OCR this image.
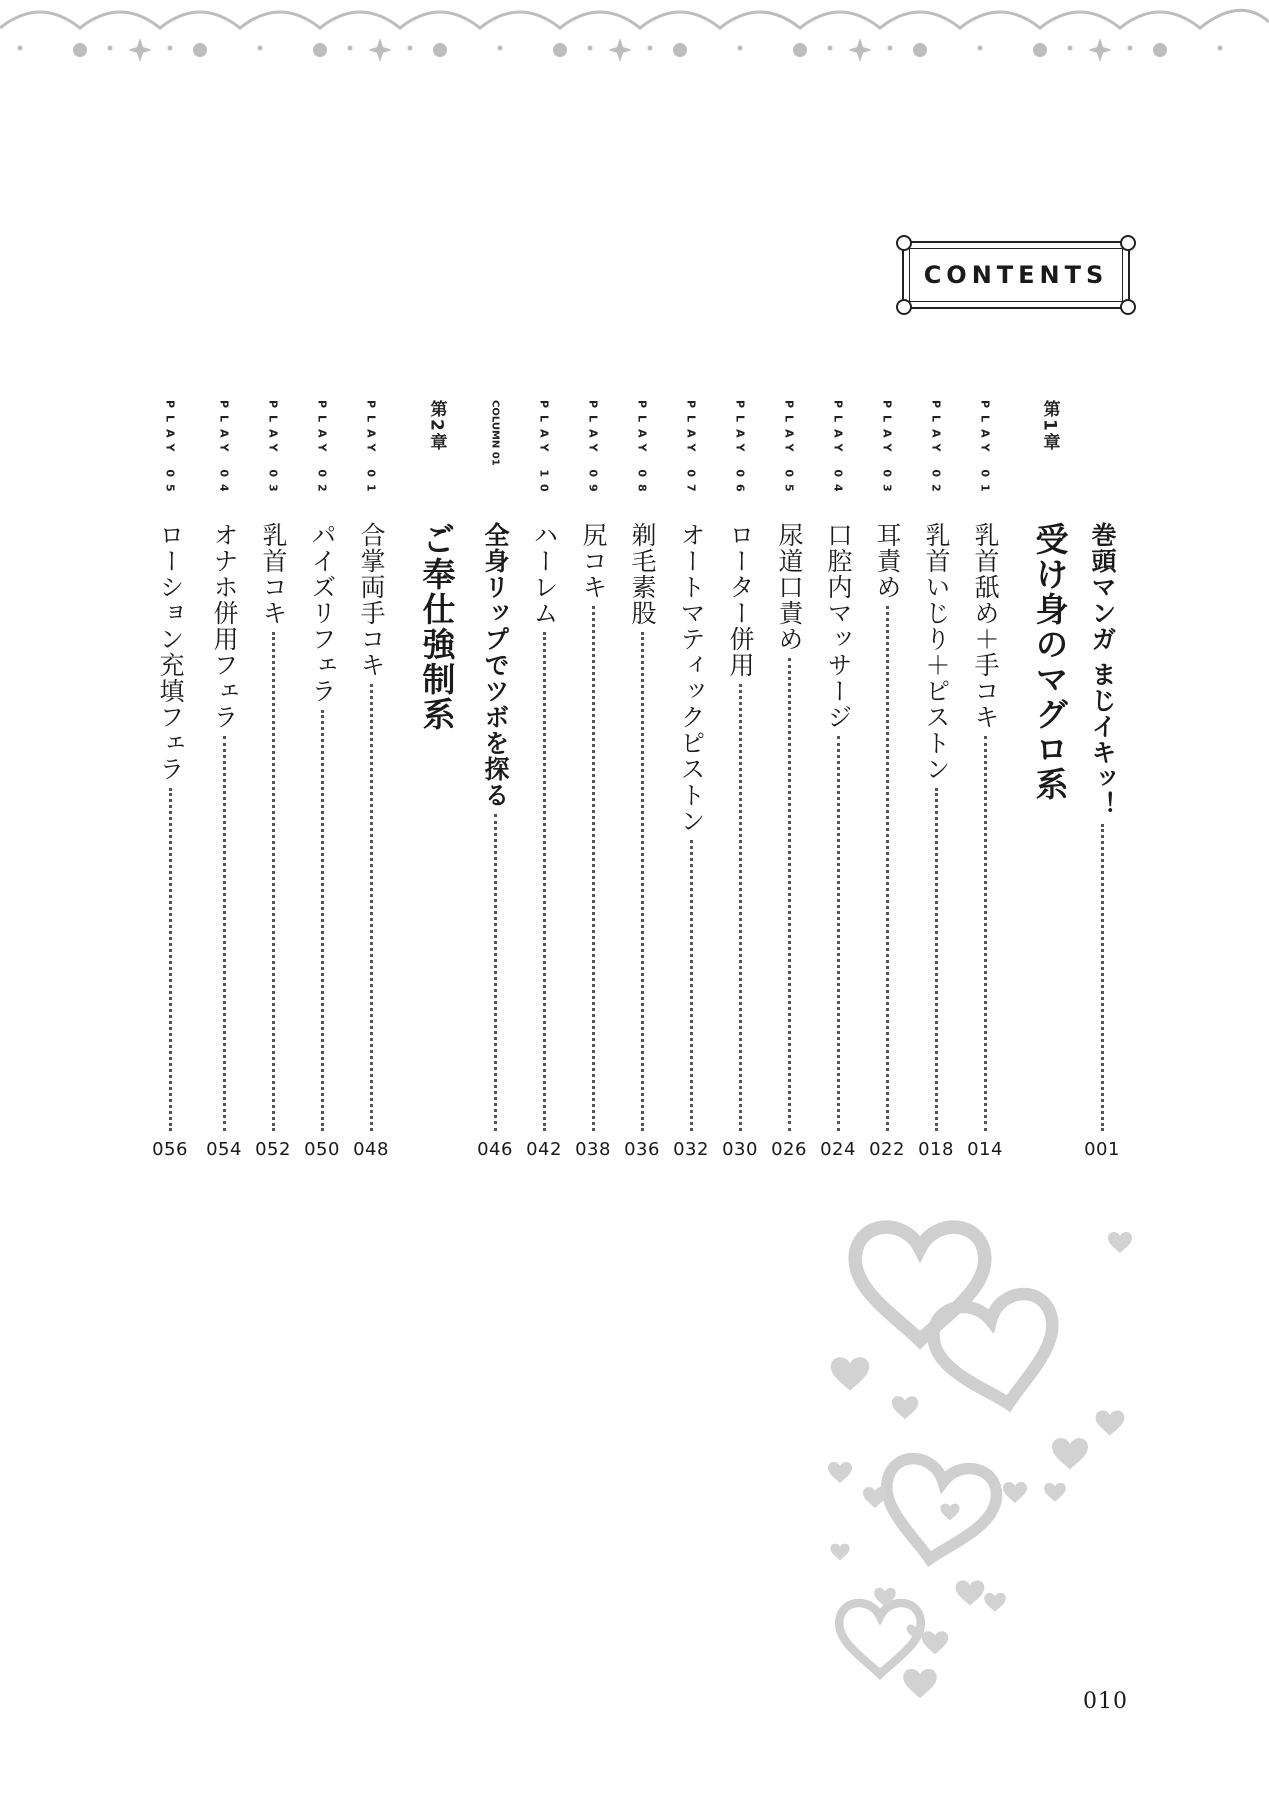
CONTENTS
巻頭マンガ まじイキッ！
001
第1章
受け身のマグロ系
PLAY 01
乳首舐め＋手コキ
014
PLAY 02
乳首いじり＋ピストン
018
PLAY 03
耳責め
022
PLAY 04
口腔内マッサージ
024
PLAY 05
尿道口責め
026
PLAY 06
ローター併用
030
PLAY 07
オートマティックピストン
032
PLAY 08
剃毛素股
036
PLAY 09
尻コキ
038
PLAY 10
ハーレム
042
COLUMN 01
全身リップでツボを探る
046
第2章
ご奉仕強制系
PLAY 01
合掌両手コキ
048
PLAY 02
パイズリフェラ
050
PLAY 03
乳首コキ
052
PLAY 04
オナホ併用フェラ
054
PLAY 05
ローション充填フェラ
056
010
